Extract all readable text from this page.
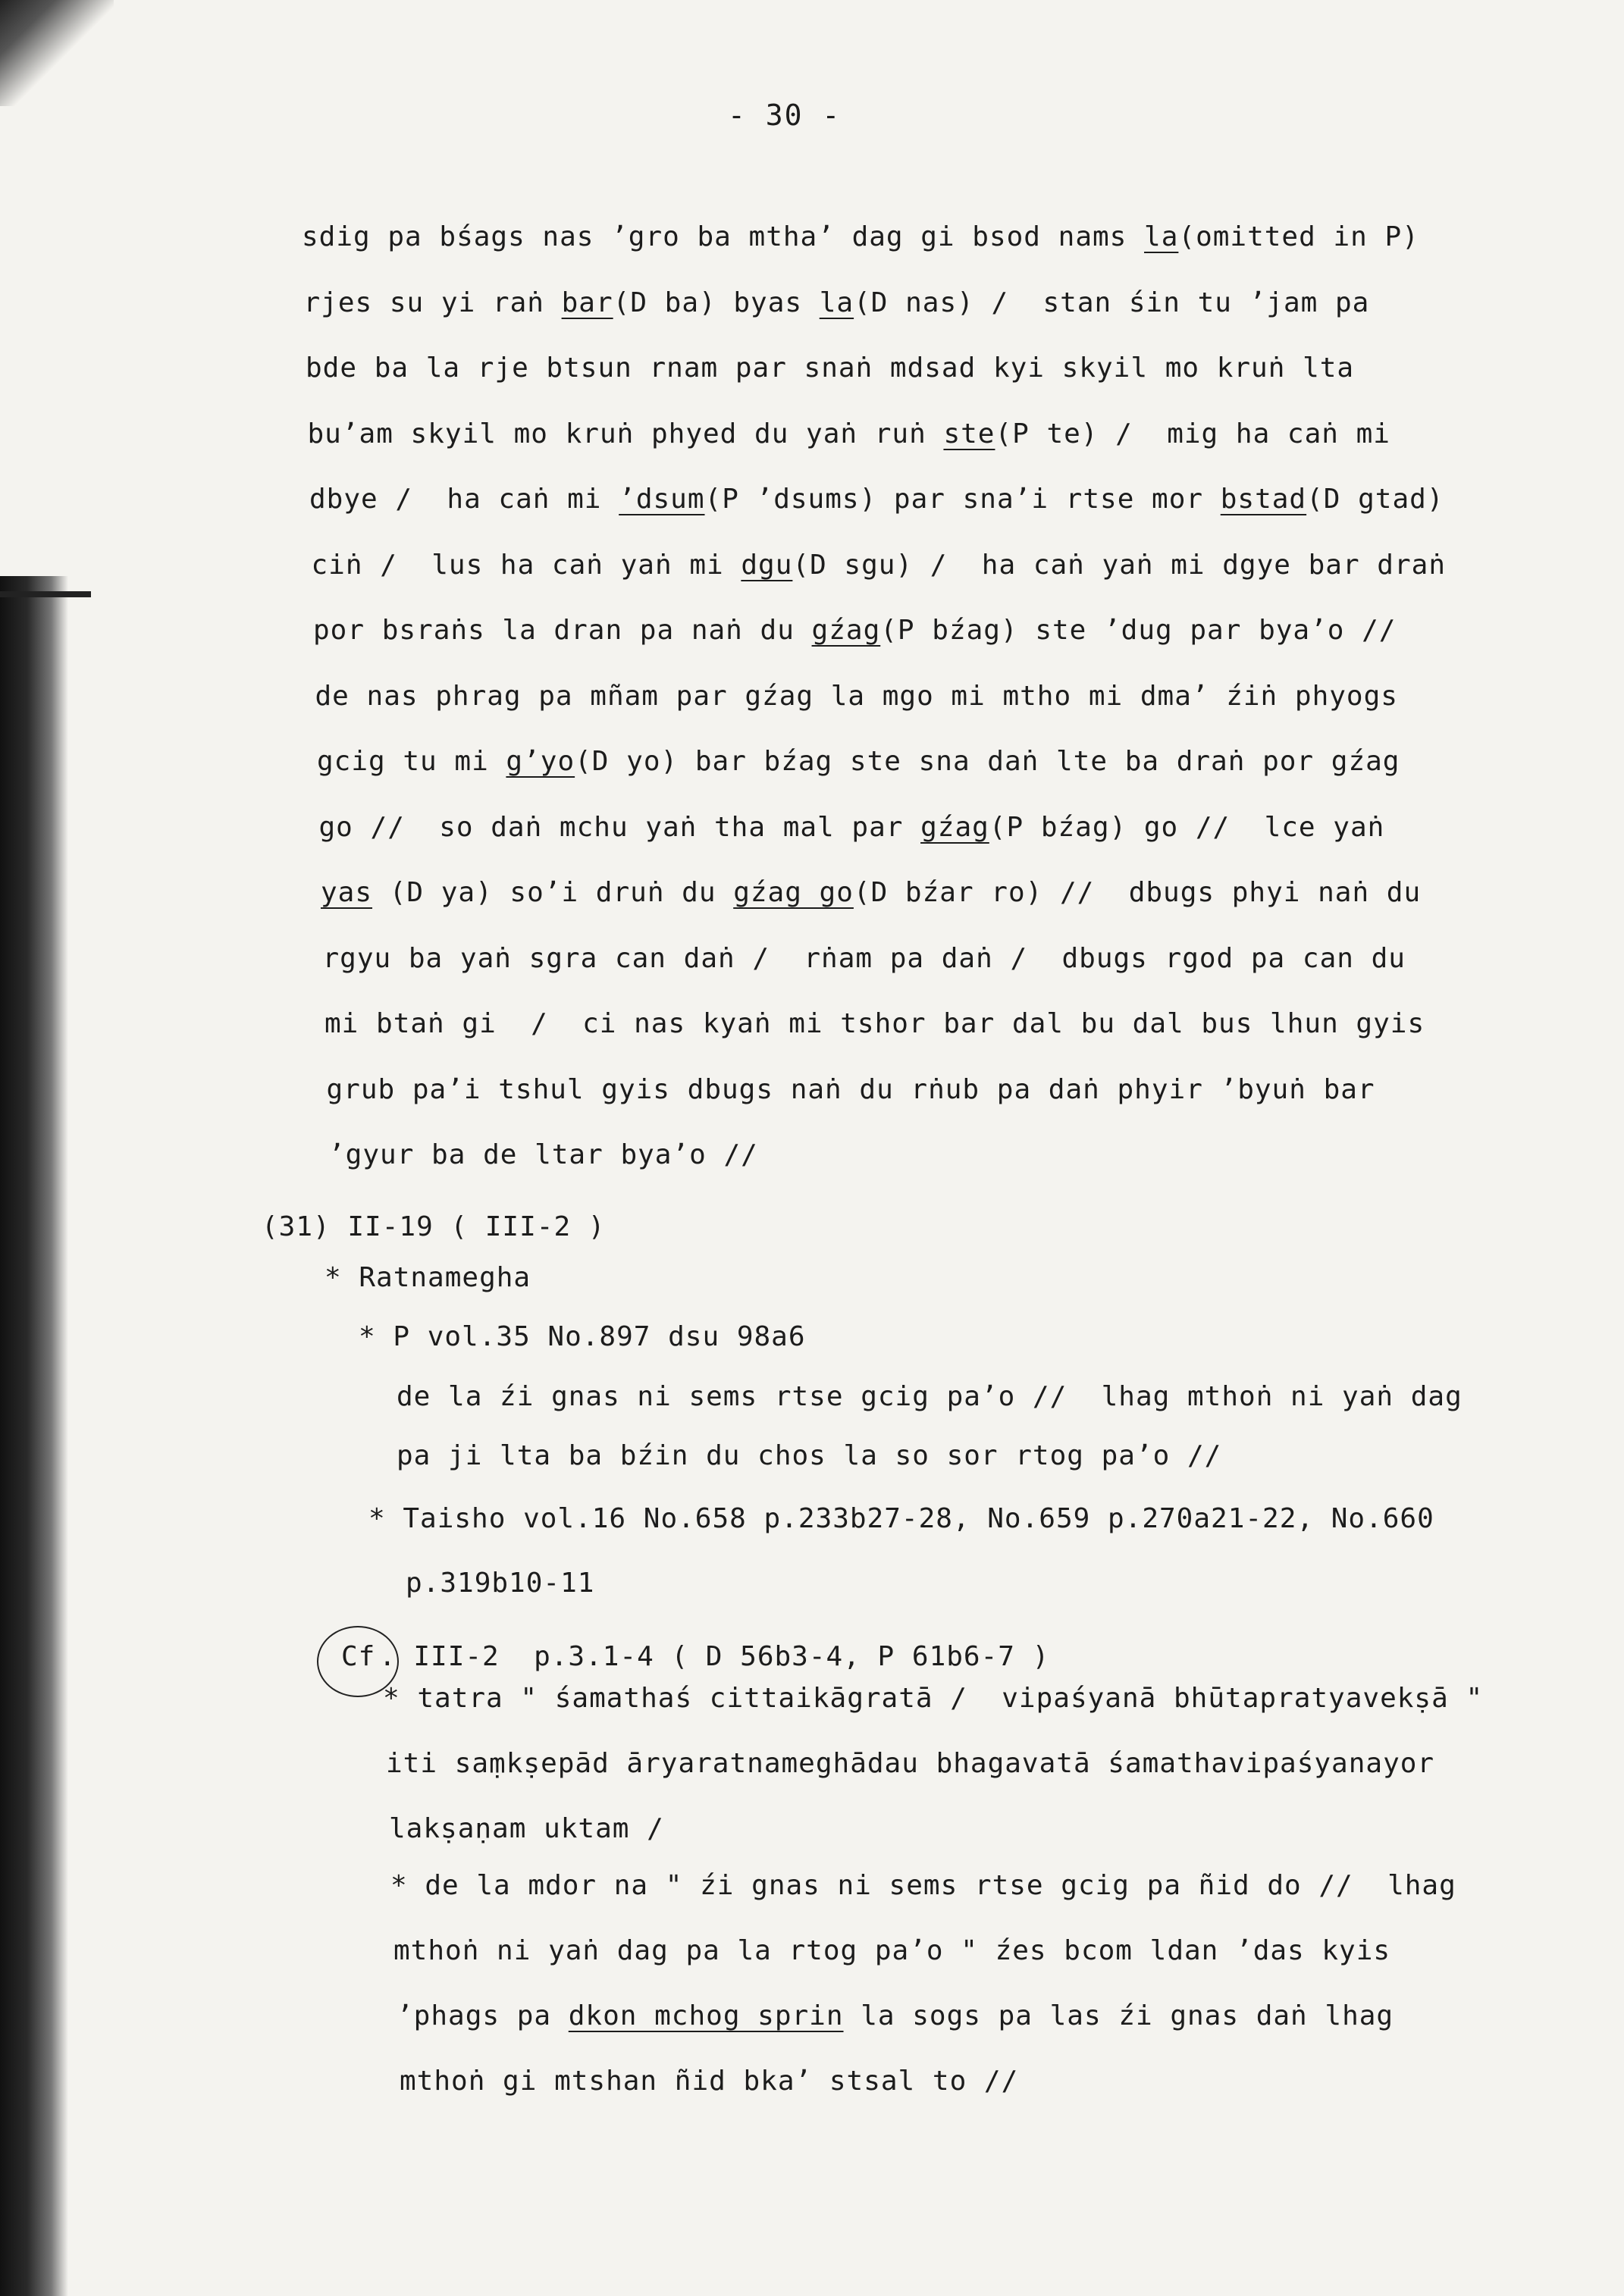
- 30 -
sdig pa bśags nas ʼgro ba mthaʼ dag gi bsod nams la(omitted in P)
rjes su yi raṅ bar(D ba) byas la(D nas) /  stan śin tu ʼjam pa
bde ba la rje btsun rnam par snaṅ mdsad kyi skyil mo kruṅ lta
buʼam skyil mo kruṅ phyed du yaṅ ruṅ ste(P te) /  mig ha caṅ mi
dbye /  ha caṅ mi ʼdsum(P ʼdsums) par snaʼi rtse mor bstad(D gtad)
ciṅ /  lus ha caṅ yaṅ mi dgu(D sgu) /  ha caṅ yaṅ mi dgye bar draṅ
por bsraṅs la dran pa naṅ du gźag(P bźag) ste ʼdug par byaʼo //
de nas phrag pa mñam par gźag la mgo mi mtho mi dmaʼ źiṅ phyogs
gcig tu mi gʼyo(D yo) bar bźag ste sna daṅ lte ba draṅ por gźag
go //  so daṅ mchu yaṅ tha mal par gźag(P bźag) go //  lce yaṅ
yas (D ya) soʼi druṅ du gźag go(D bźar ro) //  dbugs phyi naṅ du
rgyu ba yaṅ sgra can daṅ /  rṅam pa daṅ /  dbugs rgod pa can du
mi btaṅ gi  /  ci nas kyaṅ mi tshor bar dal bu dal bus lhun gyis
grub paʼi tshul gyis dbugs naṅ du rṅub pa daṅ phyir ʼbyuṅ bar
ʼgyur ba de ltar byaʼo //
(31) II-19 ( III-2 )
* Ratnamegha
* P vol.35 No.897 dsu 98a6
de la źi gnas ni sems rtse gcig paʼo //  lhag mthoṅ ni yaṅ dag
pa ji lta ba bźin du chos la so sor rtog paʼo //
* Taisho vol.16 No.658 p.233b27-28, No.659 p.270a21-22, No.660
p.319b10-11
Cf . III-2  p.3.1-4 ( D 56b3-4, P 61b6-7 )
* tatra " śamathaś cittaikāgratā /  vipaśyanā bhūtapratyavekṣā "
iti saṃkṣepād āryaratnameghādau bhagavatā śamathavipaśyanayor
lakṣaṇam uktam /
* de la mdor na " źi gnas ni sems rtse gcig pa ñid do //  lhag
mthoṅ ni yaṅ dag pa la rtog paʼo " źes bcom ldan ʼdas kyis
ʼphags pa dkon mchog sprin la sogs pa las źi gnas daṅ lhag
mthoṅ gi mtshan ñid bkaʼ stsal to //
